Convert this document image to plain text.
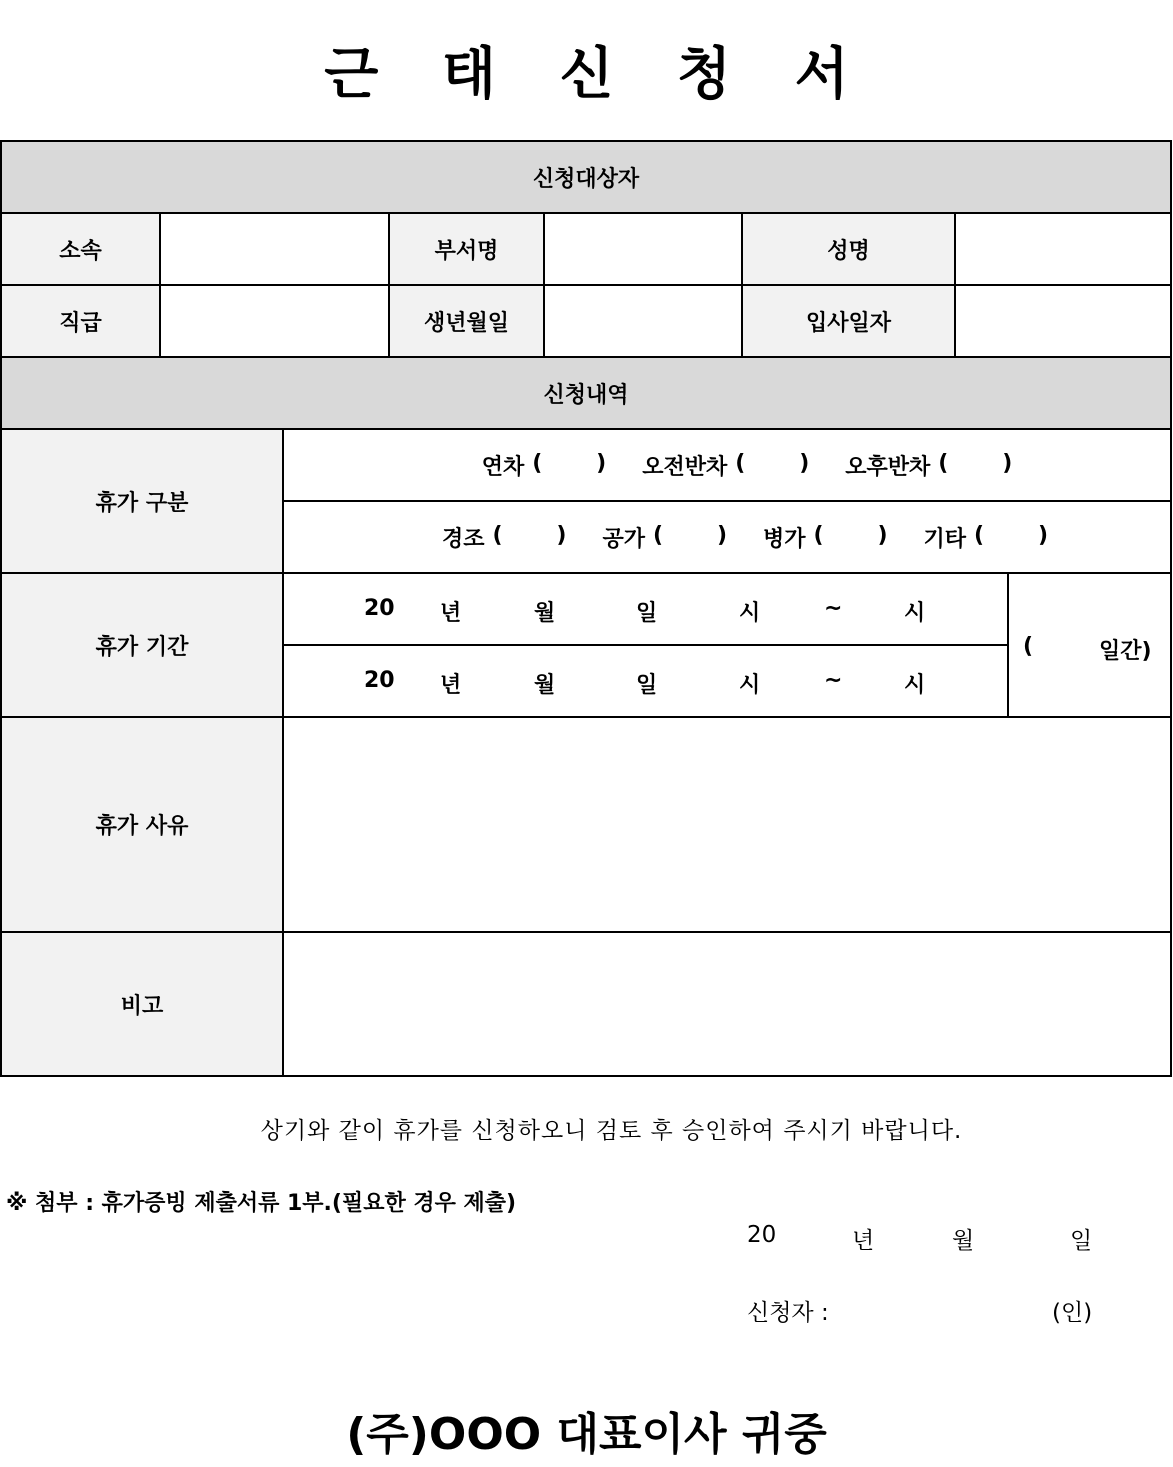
근 태 신 청 서
신청대상자
소속	부서명	성명
직급	생년월일	입사일자
신청내역
휴가 구분
연차	오전반차	오후반차
경조	공가	병가	기타
휴가 기간
20 년	월	일	시	~	시
20 년	월	일	시	~	시
(	일간)
휴가 사유
비고
상기와 같이 휴가를 신청하오니 검토 후 승인하여 주시기 바랍니다.
※ 첨부 : 휴가증빙 제출서류 1부.(필요한 경우 제출)
20	년	월	일
신청자 :	(인)
(주)OOO 대표이사 귀중
